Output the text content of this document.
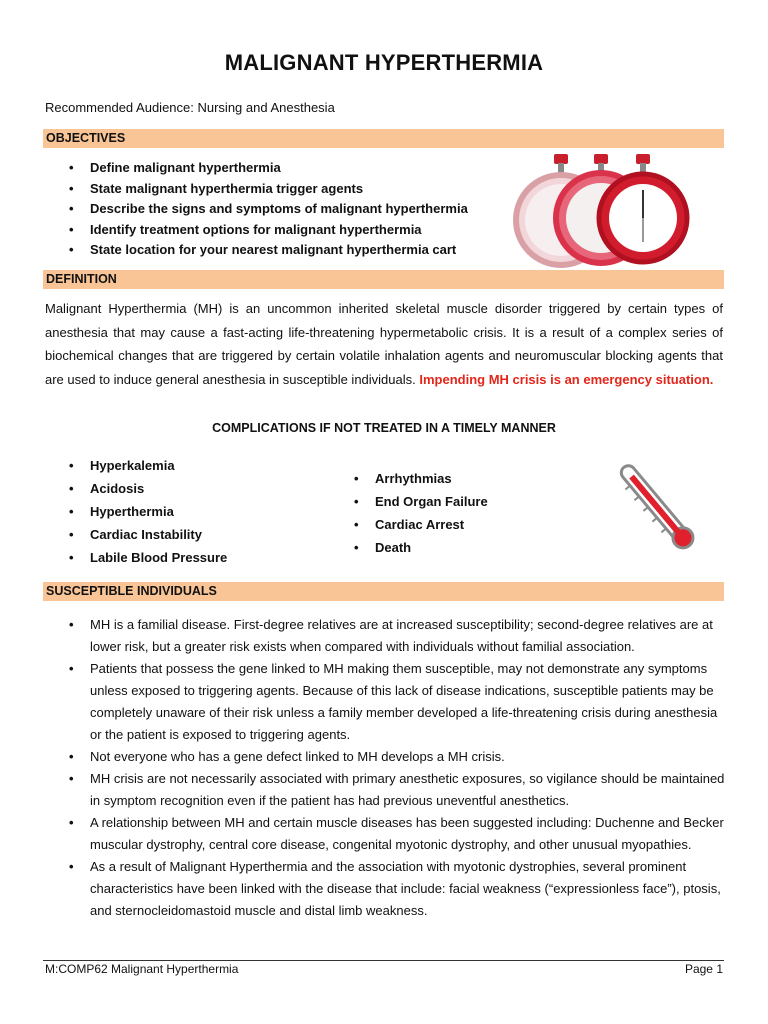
MALIGNANT HYPERTHERMIA
Recommended Audience: Nursing and Anesthesia
OBJECTIVES
• Define malignant hyperthermia
• State malignant hyperthermia trigger agents
• Describe the signs and symptoms of malignant hyperthermia
• Identify treatment options for malignant hyperthermia
• State location for your nearest malignant hyperthermia cart
DEFINITION
Malignant Hyperthermia (MH) is an uncommon inherited skeletal muscle disorder triggered by certain types of anesthesia that may cause a fast-acting life-threatening hypermetabolic crisis. It is a result of a complex series of biochemical changes that are triggered by certain volatile inhalation agents and neuromuscular blocking agents that are used to induce general anesthesia in susceptible individuals. Impending MH crisis is an emergency situation.
COMPLICATIONS IF NOT TREATED IN A TIMELY MANNER
• Hyperkalemia
• Acidosis
• Hyperthermia
• Cardiac Instability
• Labile Blood Pressure
• Arrhythmias
• End Organ Failure
• Cardiac Arrest
• Death
SUSCEPTIBLE INDIVIDUALS
• MH is a familial disease. First-degree relatives are at increased susceptibility; second-degree relatives are at lower risk, but a greater risk exists when compared with individuals without familial association.
• Patients that possess the gene linked to MH making them susceptible, may not demonstrate any symptoms unless exposed to triggering agents. Because of this lack of disease indications, susceptible patients may be completely unaware of their risk unless a family member developed a life-threatening crisis during anesthesia or the patient is exposed to triggering agents.
• Not everyone who has a gene defect linked to MH develops a MH crisis.
• MH crisis are not necessarily associated with primary anesthetic exposures, so vigilance should be maintained in symptom recognition even if the patient has had previous uneventful anesthetics.
• A relationship between MH and certain muscle diseases has been suggested including: Duchenne and Becker muscular dystrophy, central core disease, congenital myotonic dystrophy, and other unusual myopathies.
• As a result of Malignant Hyperthermia and the association with myotonic dystrophies, several prominent characteristics have been linked with the disease that include: facial weakness (“expressionless face”), ptosis, and sternocleidomastoid muscle and distal limb weakness.
M:COMP62 Malignant Hyperthermia	Page 1
